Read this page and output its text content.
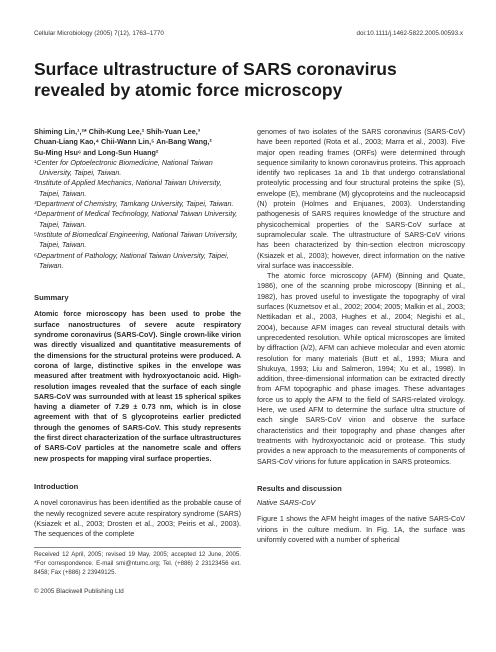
Cellular Microbiology (2005) 7(12), 1763–1770	doi:10.1111/j.1462-5822.2005.00593.x
Surface ultrastructure of SARS coronavirus revealed by atomic force microscopy
Shiming Lin,¹,²* Chih-Kung Lee,² Shih-Yuan Lee,³
Chuan-Liang Kao,⁴ Chii-Wann Lin,⁵ An-Bang Wang,²
Su-Ming Hsu⁶ and Long-Sun Huang²
¹Center for Optoelectronic Biomedicine, National Taiwan University, Taipei, Taiwan.
²Institute of Applied Mechanics, National Taiwan University, Taipei, Taiwan.
³Department of Chemistry, Tamkang University, Taipei, Taiwan.
⁴Department of Medical Technology, National Taiwan University, Taipei, Taiwan.
⁵Institute of Biomedical Engineering, National Taiwan University, Taipei, Taiwan.
⁶Department of Pathology, National Taiwan University, Taipei, Taiwan.
Summary
Atomic force microscopy has been used to probe the surface nanostructures of severe acute respiratory syndrome coronavirus (SARS-CoV). Single crown-like virion was directly visualized and quantitative measurements of the dimensions for the structural proteins were produced. A corona of large, distinctive spikes in the envelope was measured after treatment with hydroxyoctanoic acid. High-resolution images revealed that the surface of each single SARS-CoV was surrounded with at least 15 spherical spikes having a diameter of 7.29 ± 0.73 nm, which is in close agreement with that of S glycoproteins earlier predicted through the genomes of SARS-CoV. This study represents the first direct characterization of the surface ultrastructures of SARS-CoV particles at the nanometre scale and offers new prospects for mapping viral surface properties.
Introduction

A novel coronavirus has been identified as the probable cause of the newly recognized severe acute respiratory syndrome (SARS) (Ksiazek et al., 2003; Drosten et al., 2003; Peiris et al., 2003). The sequences of the complete

Received 12 April, 2005; revised 19 May, 2005; accepted 12 June, 2005. *For correspondence. E-mail smi@ntumc.org; Tel. (+886) 2 23123456 ext. 8458; Fax (+886) 2 23949125.

© 2005 Blackwell Publishing Ltd

genomes of two isolates of the SARS coronavirus (SARS-CoV) have been reported (Rota et al., 2003; Marra et al., 2003). Five major open reading frames (ORFs) were determined through sequence similarity to known coronavirus proteins. This approach identify two replicases 1a and 1b that undergo cotranslational proteolytic processing and four structural proteins the spike (S), envelope (E), membrane (M) glycoproteins and the nucleocapsid (N) protein (Holmes and Enjuanes, 2003). Understanding pathogenesis of SARS requires knowledge of the structure and physicochemical properties of the SARS-CoV surface at supramolecular scale. The ultrastructure of SARS-CoV virions has been characterized by thin-section electron microscopy (Ksiazek et al., 2003); however, direct information on the native viral surface was inaccessible.

The atomic force microscopy (AFM) (Binning and Quate, 1986), one of the scanning probe microscopy (Binning et al., 1982), has proved useful to investigate the topography of viral surfaces (Kuznetsov et al., 2002; 2004; 2005; Malkin et al., 2003; Nettikadan et al., 2003, Hughes et al., 2004; Negishi et al., 2004), because AFM images can reveal structural details with unprecedented resolution. While optical microscopes are limited by diffraction (λ/2), AFM can achieve molecular and even atomic resolution for many materials (Butt et al., 1993; Miura and Shukuya, 1993; Liu and Salmeron, 1994; Xu et al., 1998). In addition, three-dimensional information can be extracted directly from AFM topographic and phase images. These advantages force us to apply the AFM to the field of SARS-related virology. Here, we used AFM to determine the surface ultra structure of each single SARS-CoV virion and observe the surface characteristics and their topography and phase changes after treatments with hydroxyoctanoic acid or protease. This study provides a new approach to the measurements of components of SARS-CoV virions for future application in SARS proteomics.

Results and discussion
Native SARS-CoV

Figure 1 shows the AFM height images of the native SARS-CoV virions in the culture medium. In Fig. 1A, the surface was uniformly covered with a number of spherical
